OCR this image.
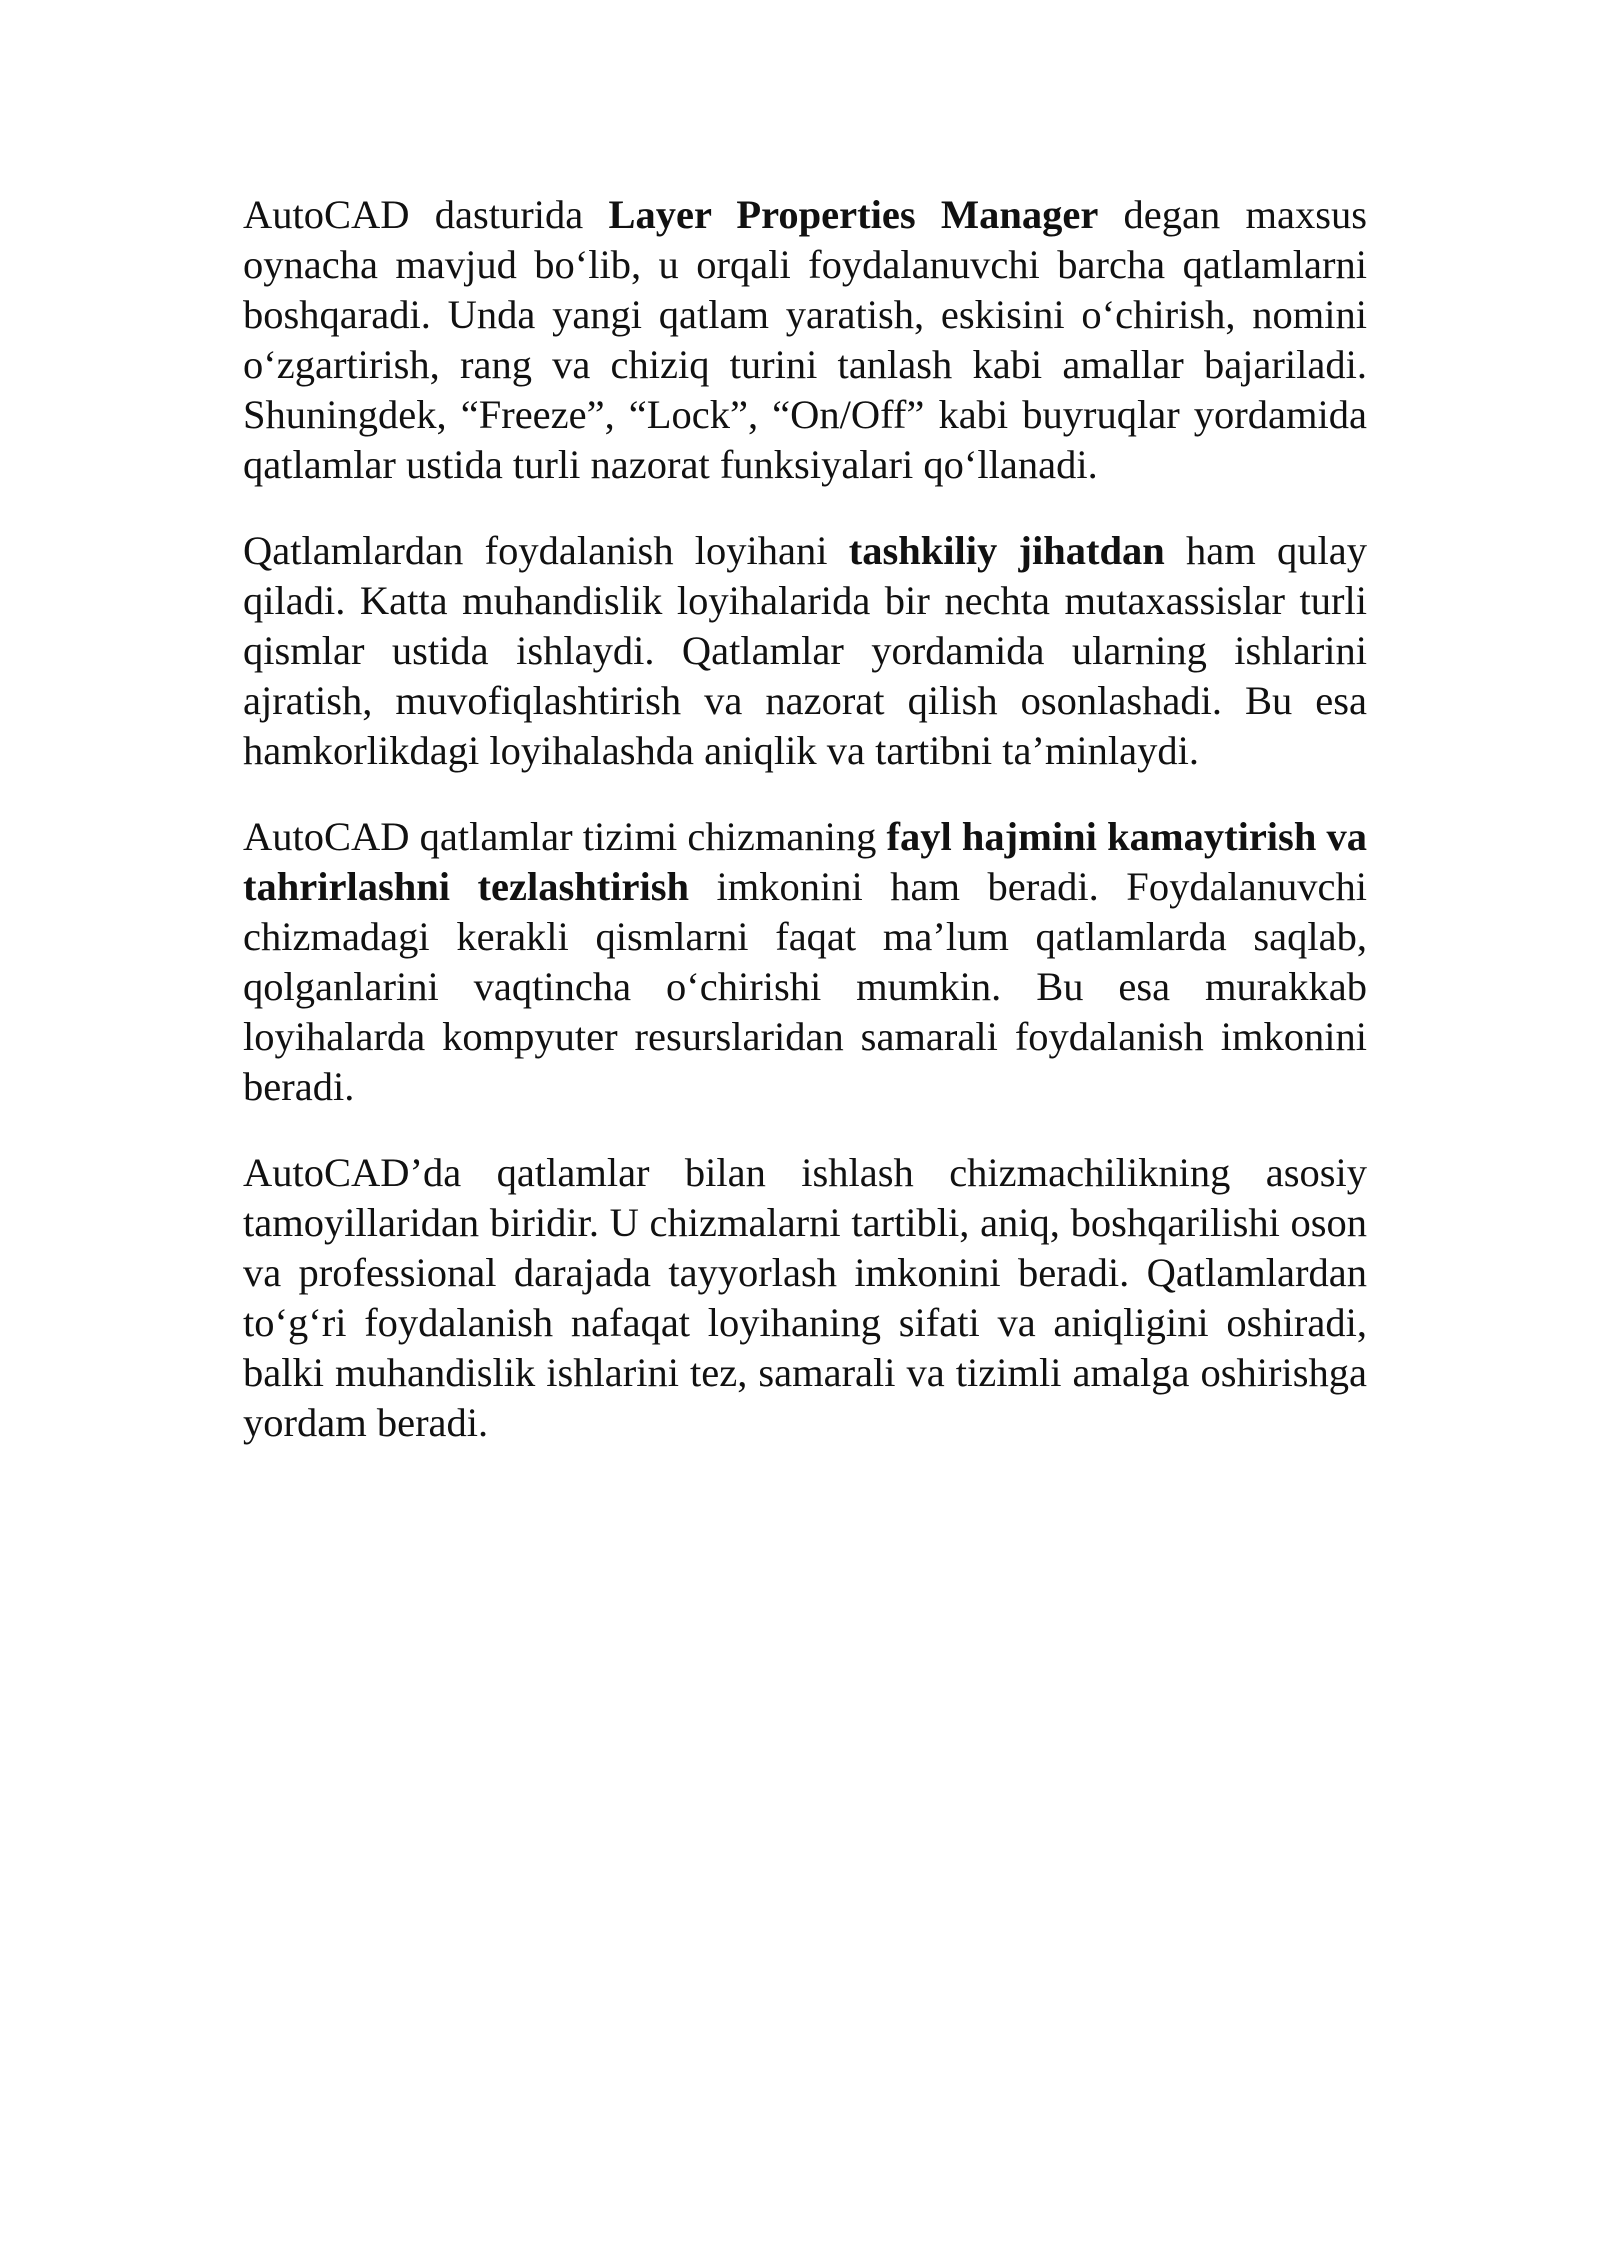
AutoCAD dasturida Layer Properties Manager degan maxsus oynacha mavjud bo‘lib, u orqali foydalanuvchi barcha qatlamlarni boshqaradi. Unda yangi qatlam yaratish, eskisini o‘chirish, nomini o‘zgartirish, rang va chiziq turini tanlash kabi amallar bajariladi. Shuningdek, “Freeze”, “Lock”, “On/Off” kabi buyruqlar yordamida qatlamlar ustida turli nazorat funksiyalari qo‘llanadi.

Qatlamlardan foydalanish loyihani tashkiliy jihatdan ham qulay qiladi. Katta muhandislik loyihalarida bir nechta mutaxassislar turli qismlar ustida ishlaydi. Qatlamlar yordamida ularning ishlarini ajratish, muvofiqlashtirish va nazorat qilish osonlashadi. Bu esa hamkorlikdagi loyihalashda aniqlik va tartibni ta’minlaydi.

AutoCAD qatlamlar tizimi chizmaning fayl hajmini kamaytirish va tahrirlashni tezlashtirish imkonini ham beradi. Foydalanuvchi chizmadagi kerakli qismlarni faqat ma’lum qatlamlarda saqlab, qolganlarini vaqtincha o‘chirishi mumkin. Bu esa murakkab loyihalarda kompyuter resurslaridan samarali foydalanish imkonini beradi.

AutoCAD’da qatlamlar bilan ishlash chizmachilikning asosiy tamoyillaridan biridir. U chizmalarni tartibli, aniq, boshqarilishi oson va professional darajada tayyorlash imkonini beradi. Qatlamlardan to‘g‘ri foydalanish nafaqat loyihaning sifati va aniqligini oshiradi, balki muhandislik ishlarini tez, samarali va tizimli amalga oshirishga yordam beradi.
